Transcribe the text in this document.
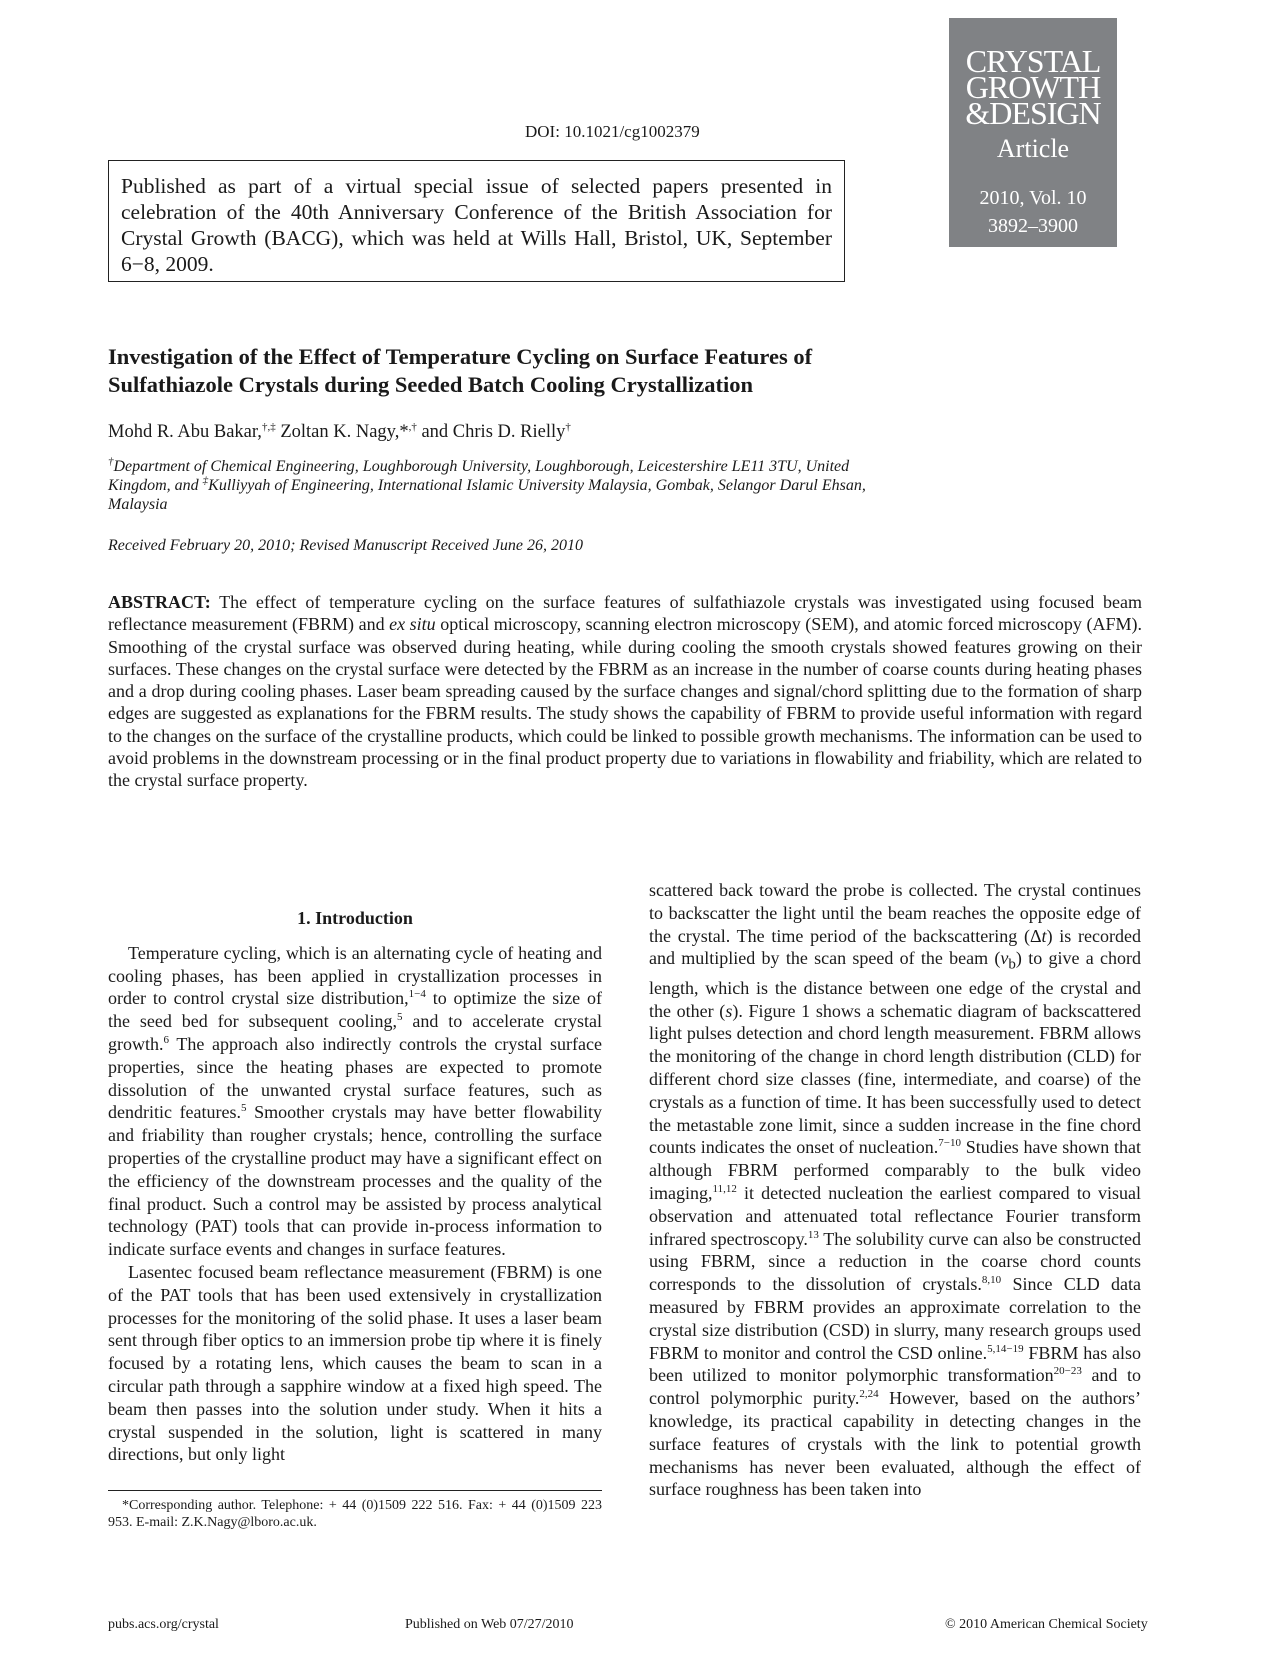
DOI: 10.1021/cg1002379
CRYSTAL
GROWTH
&DESIGN
Article
2010, Vol. 10
3892–3900
Published as part of a virtual special issue of selected papers presented in celebration of the 40th Anniversary Conference of the British Association for Crystal Growth (BACG), which was held at Wills Hall, Bristol, UK, September 6−8, 2009.
Investigation of the Effect of Temperature Cycling on Surface Features of Sulfathiazole Crystals during Seeded Batch Cooling Crystallization
Mohd R. Abu Bakar,†,‡ Zoltan K. Nagy,*,† and Chris D. Rielly†
†Department of Chemical Engineering, Loughborough University, Loughborough, Leicestershire LE11 3TU, United Kingdom, and ‡Kulliyyah of Engineering, International Islamic University Malaysia, Gombak, Selangor Darul Ehsan, Malaysia
Received February 20, 2010; Revised Manuscript Received June 26, 2010
ABSTRACT: The effect of temperature cycling on the surface features of sulfathiazole crystals was investigated using focused beam reflectance measurement (FBRM) and ex situ optical microscopy, scanning electron microscopy (SEM), and atomic forced microscopy (AFM). Smoothing of the crystal surface was observed during heating, while during cooling the smooth crystals showed features growing on their surfaces. These changes on the crystal surface were detected by the FBRM as an increase in the number of coarse counts during heating phases and a drop during cooling phases. Laser beam spreading caused by the surface changes and signal/chord splitting due to the formation of sharp edges are suggested as explanations for the FBRM results. The study shows the capability of FBRM to provide useful information with regard to the changes on the surface of the crystalline products, which could be linked to possible growth mechanisms. The information can be used to avoid problems in the downstream processing or in the final product property due to variations in flowability and friability, which are related to the crystal surface property.
1. Introduction

Temperature cycling, which is an alternating cycle of heating and cooling phases, has been applied in crystallization processes in order to control crystal size distribution,$^{1-4}$ to optimize the size of the seed bed for subsequent cooling,$^5$ and to accelerate crystal growth.$^6$ The approach also indirectly controls the crystal surface properties, since the heating phases are expected to promote dissolution of the unwanted crystal surface features, such as dendritic features.$^5$ Smoother crystals may have better flowability and friability than rougher crystals; hence, controlling the surface properties of the crystalline product may have a significant effect on the efficiency of the downstream processes and the quality of the final product. Such a control may be assisted by process analytical technology (PAT) tools that can provide in-process information to indicate surface events and changes in surface features.

Lasentec focused beam reflectance measurement (FBRM) is one of the PAT tools that has been used extensively in crystallization processes for the monitoring of the solid phase. It uses a laser beam sent through fiber optics to an immersion probe tip where it is finely focused by a rotating lens, which causes the beam to scan in a circular path through a sapphire window at a fixed high speed. The beam then passes into the solution under study. When it hits a crystal suspended in the solution, light is scattered in many directions, but only light

scattered back toward the probe is collected. The crystal continues to backscatter the light until the beam reaches the opposite edge of the crystal. The time period of the backscattering (Δt) is recorded and multiplied by the scan speed of the beam $(\nu_b)$ to give a chord length, which is the distance between one edge of the crystal and the other (s). Figure 1 shows a schematic diagram of backscattered light pulses detection and chord length measurement. FBRM allows the monitoring of the change in chord length distribution (CLD) for different chord size classes (fine, intermediate, and coarse) of the crystals as a function of time. It has been successfully used to detect the metastable zone limit, since a sudden increase in the fine chord counts indicates the onset of nucleation.$^{7-10}$ Studies have shown that although FBRM performed comparably to the bulk video imaging,$^{11,12}$ it detected nucleation the earliest compared to visual observation and attenuated total reflectance Fourier transform infrared spectroscopy.$^{13}$ The solubility curve can also be constructed using FBRM, since a reduction in the coarse chord counts corresponds to the dissolution of crystals.$^{8,10}$ Since CLD data measured by FBRM provides an approximate correlation to the crystal size distribution (CSD) in slurry, many research groups used FBRM to monitor and control the CSD online.$^{5,14-19}$ FBRM has also been utilized to monitor polymorphic transformation$^{20-23}$ and to control polymorphic purity.$^{2,24}$ However, based on the authors’ knowledge, its practical capability in detecting changes in the surface features of crystals with the link to potential growth mechanisms has never been evaluated, although the effect of surface roughness has been taken into

*Corresponding author. Telephone: + 44 (0)1509 222 516. Fax: + 44 (0)1509 223 953. E-mail: Z.K.Nagy@lboro.ac.uk.
pubs.acs.org/crystal	Published on Web 07/27/2010	© 2010 American Chemical Society
